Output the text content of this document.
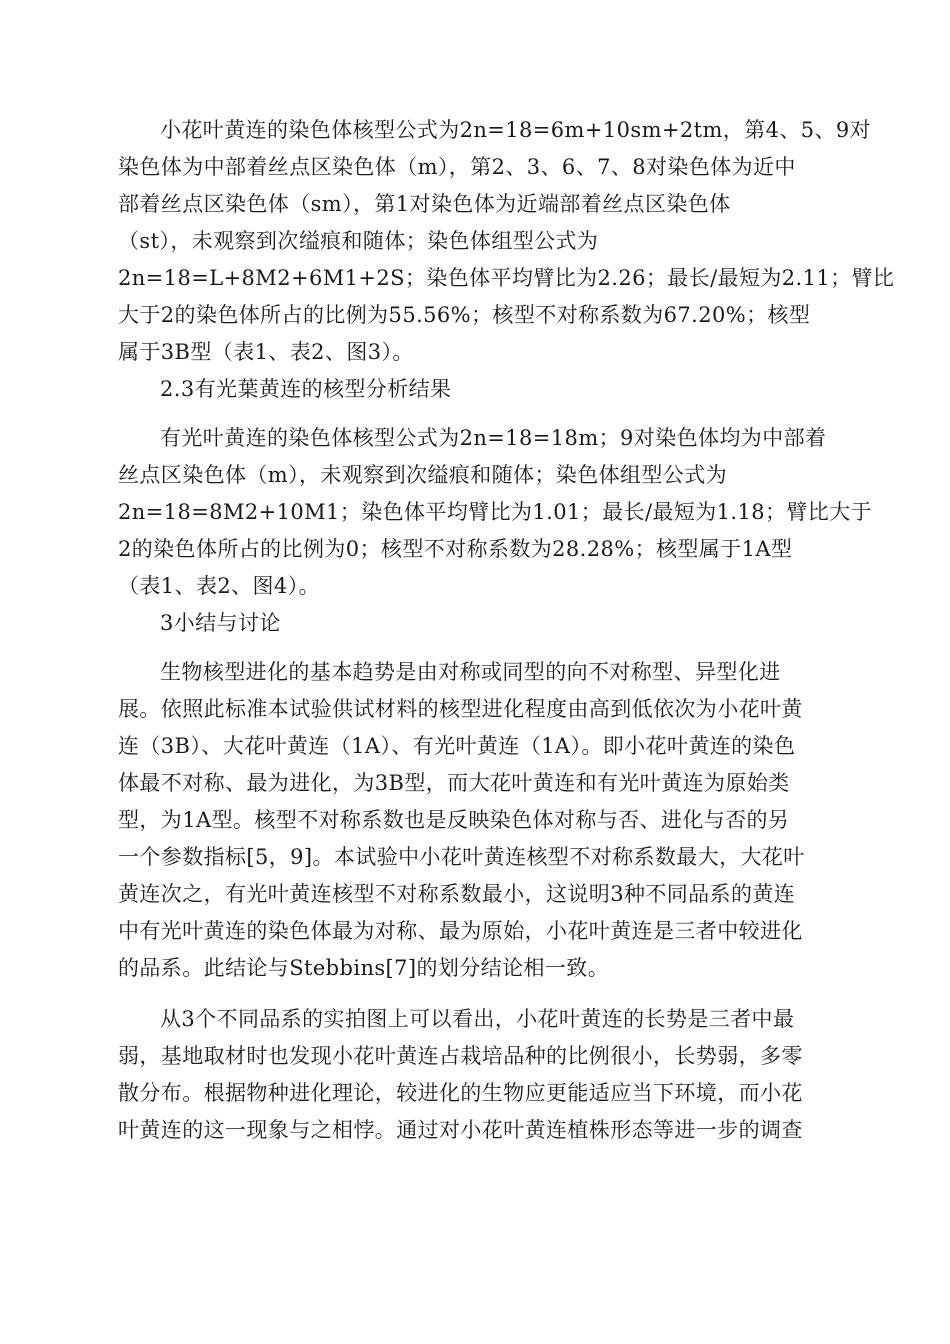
小花叶黄连的染色体核型公式为2n=18=6m+10sm+2tm，第4、5、9对
染色体为中部着丝点区染色体（m），第2、3、6、7、8对染色体为近中
部着丝点区染色体（sm），第1对染色体为近端部着丝点区染色体
（st），未观察到次缢痕和随体；染色体组型公式为
2n=18=L+8M2+6M1+2S；染色体平均臂比为2.26；最长/最短为2.11；臂比
大于2的染色体所占的比例为55.56%；核型不对称系数为67.20%；核型
属于3B型（表1、表2、图3）。

2.3有光葉黄连的核型分析结果

有光叶黄连的染色体核型公式为2n=18=18m；9对染色体均为中部着
丝点区染色体（m），未观察到次缢痕和随体；染色体组型公式为
2n=18=8M2+10M1；染色体平均臂比为1.01；最长/最短为1.18；臂比大于
2的染色体所占的比例为0；核型不对称系数为28.28%；核型属于1A型
（表1、表2、图4）。

3小结与讨论

生物核型进化的基本趋势是由对称或同型的向不对称型、异型化进
展。依照此标准本试验供试材料的核型进化程度由高到低依次为小花叶黄
连（3B）、大花叶黄连（1A）、有光叶黄连（1A）。即小花叶黄连的染色
体最不对称、最为进化，为3B型，而大花叶黄连和有光叶黄连为原始类
型，为1A型。核型不对称系数也是反映染色体对称与否、进化与否的另
一个参数指标[5，9]。本试验中小花叶黄连核型不对称系数最大，大花叶
黄连次之，有光叶黄连核型不对称系数最小，这说明3种不同品系的黄连
中有光叶黄连的染色体最为对称、最为原始，小花叶黄连是三者中较进化
的品系。此结论与Stebbins[7]的划分结论相一致。

从3个不同品系的实拍图上可以看出，小花叶黄连的长势是三者中最
弱，基地取材时也发现小花叶黄连占栽培品种的比例很小，长势弱，多零
散分布。根据物种进化理论，较进化的生物应更能适应当下环境，而小花
叶黄连的这一现象与之相悖。通过对小花叶黄连植株形态等进一步的调查
